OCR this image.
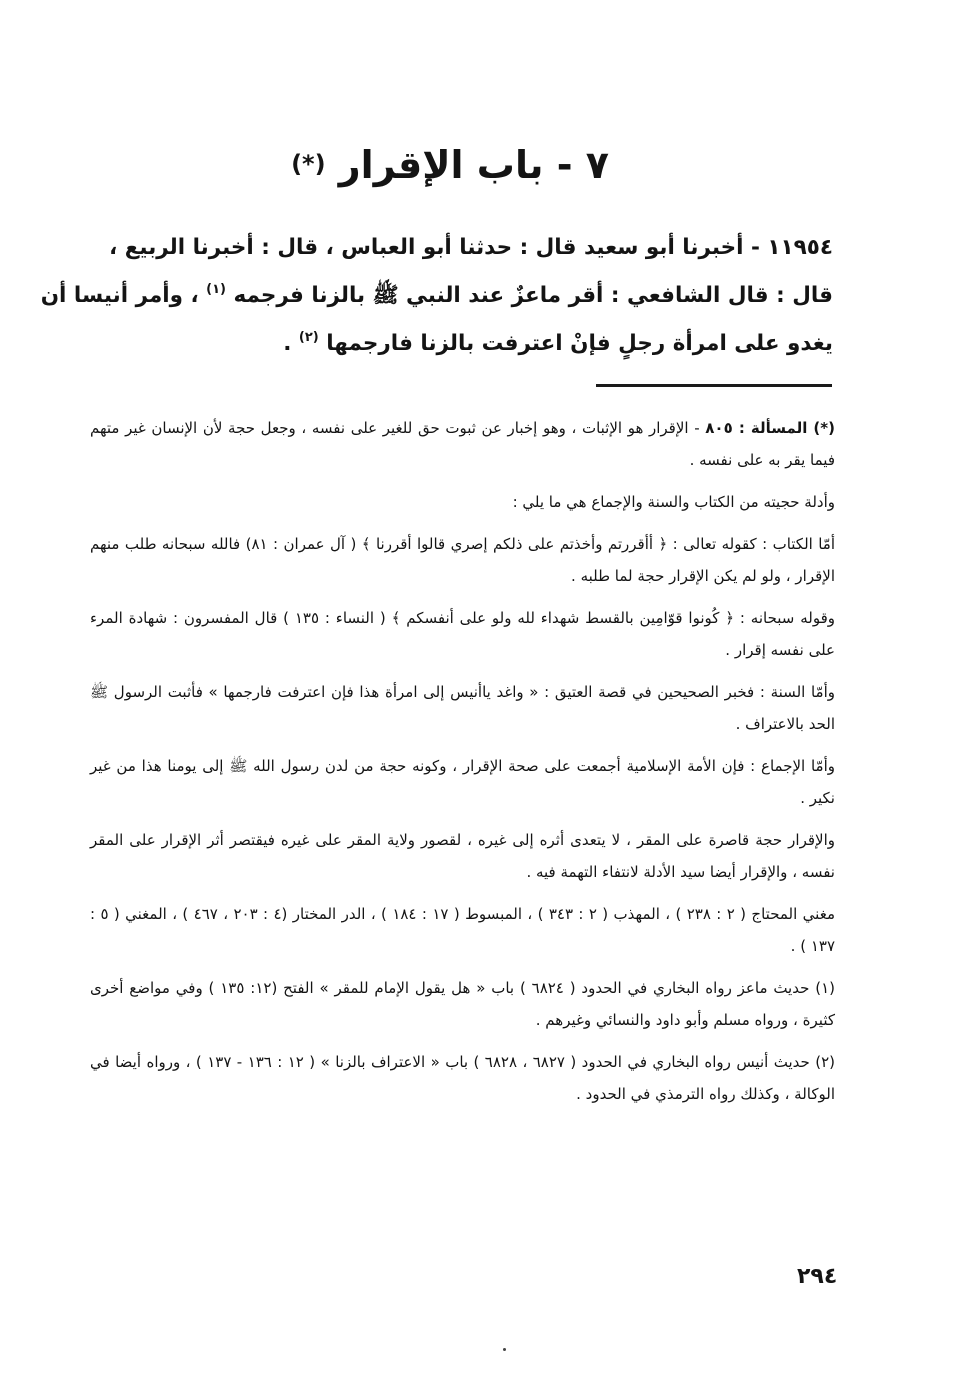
٧ - باب الإقرار (*)
١١٩٥٤ - أخبرنا أبو سعيد قال : حدثنا أبو العباس ، قال : أخبرنا الربيع ،
قال : قال الشافعي : أقر ماعزٌ عند النبي ﷺ بالزنا فرجمه $^{(١)}$ ، وأمر أنيسا أن
يغدو على امرأة رجلٍ فإنْ اعترفت بالزنا فارجمها $^{(٢)}$ .

(*) المسألة : ٨٠٥ - الإقرار هو الإثبات ، وهو إخبار عن ثبوت حق للغير على نفسه ، وجعل حجة لأن الإنسان غير متهم فيما يقر به على نفسه .

وأدلة حجيته من الكتاب والسنة والإجماع هي ما يلي :

أمّا الكتاب : كقوله تعالى : ﴿ أأقررتم وأخذتم على ذلكم إصري قالوا أقررنا ﴾ ( آل عمران : ٨١) فالله سبحانه طلب منهم الإقرار ، ولو لم يكن الإقرار حجة لما طلبه .

وقوله سبحانه : ﴿ كُونوا قوّامِين بالقسط شهداء لله ولو على أنفسكم ﴾ ( النساء : ١٣٥ ) قال المفسرون : شهادة المرء على نفسه إقرار .

وأمّا السنة : فخبر الصحيحين في قصة العتيق : « واغد ياأنيس إلى امرأة هذا فإن اعترفت فارجمها » فأثبت الرسول ﷺ الحد بالاعتراف .

وأمّا الإجماع : فإن الأمة الإسلامية أجمعت على صحة الإقرار ، وكونه حجة من لدن رسول الله ﷺ إلى يومنا هذا من غير نكير .

والإقرار حجة قاصرة على المقر ، لا يتعدى أثره إلى غيره ، لقصور ولاية المقر على غيره فيقتصر أثر الإقرار على المقر نفسه ، والإقرار أيضا سيد الأدلة لانتفاء التهمة فيه .

مغني المحتاج ( ٢ : ٢٣٨ ) ، المهذب ( ٢ : ٣٤٣ ) ، المبسوط ( ١٧ : ١٨٤ ) ، الدر المختار (٤ : ٢٠٣ ، ٤٦٧ ) ، المغني ( ٥ : ١٣٧ ) .

(١) حديث ماعز رواه البخاري في الحدود ( ٦٨٢٤ ) باب « هل يقول الإمام للمقر » الفتح (١٢: ١٣٥ ) وفي مواضع أخرى كثيرة ، ورواه مسلم وأبو داود والنسائي وغيرهم .

(٢) حديث أنيس رواه البخاري في الحدود ( ٦٨٢٧ ، ٦٨٢٨ ) باب « الاعتراف بالزنا » ( ١٢ : ١٣٦ - ١٣٧ ) ، ورواه أيضا في الوكالة ، وكذلك رواه الترمذي في الحدود .

٢٩٤
